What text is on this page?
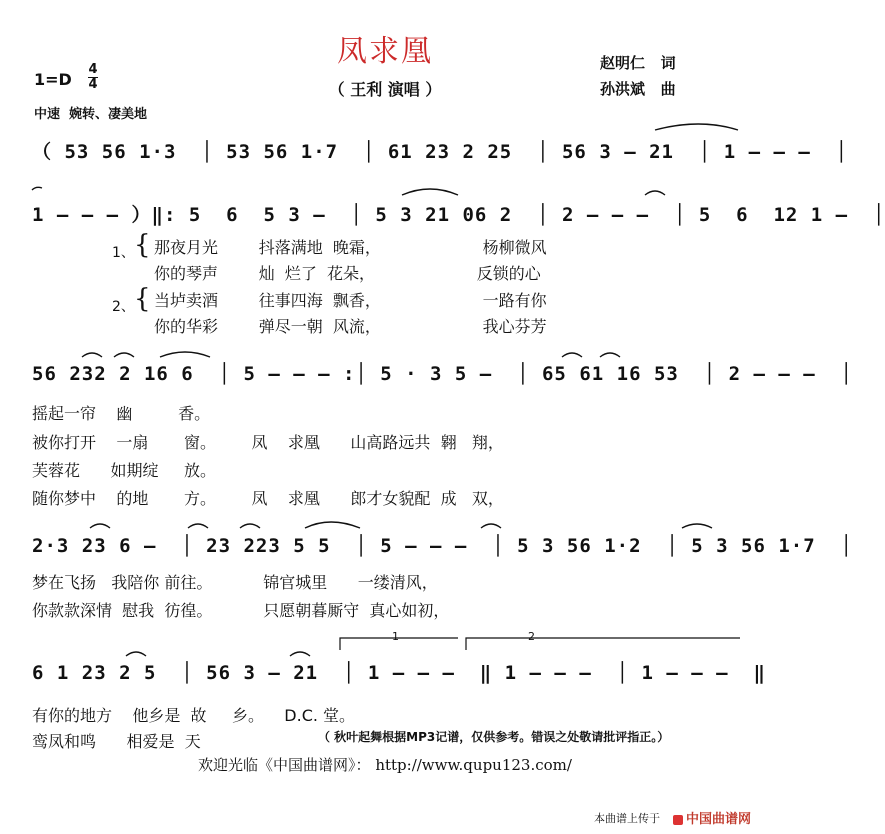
凤求凰
（ 王利 演唱 ）
赵明仁   词
孙洪斌   曲
1=D
4
4
中速  婉转、凄美地
（ 53 56 1·3  │ 53 56 1·7  │ 61 23 2 25  │ 56 3 – 21  │ 1 – – –  │
1 – – – ）‖: 5  6  5 3 –  │ 5 3 21 06 2  │ 2 – – –  │ 5  6  12 1 –  │
1、
2、
{
{
那夜月光        抖落满地  晚霜，                    杨柳微风
你的琴声        灿  烂了  花朵，                    反锁的心
当垆卖酒        往事四海  飘香，                    一路有你
你的华彩        弹尽一朝  风流，                    我心芬芳
56 232 2 16 6  │ 5 – – – :│ 5 · 3 5 –  │ 65 61 16 53  │ 2 – – –  │
摇起一帘    幽         香。
被你打开    一扇       窗。       凤    求凰      山高路远共  翱   翔，
芙蓉花      如期绽     放。
随你梦中    的地       方。       凤    求凰      郎才女貌配  成   双，
2·3 23 6 –  │ 23 223 5 5  │ 5 – – –  │ 5 3 56 1·2  │ 5 3 56 1·7  │
梦在飞扬   我陪你 前往。          锦官城里      一缕清风，
你款款深情  慰我  彷徨。          只愿朝暮厮守  真心如初，
6 1 23 2 5  │ 56 3 – 21  │ 1 – – –  ‖ 1 – – –  │ 1 – – –  ‖
1	2
有你的地方    他乡是  故     乡。    D.C. 堂。
鸾凤和鸣      相爱是  天	（ 秋叶起舞根据MP3记谱，仅供参考。错误之处敬请批评指正。）
欢迎光临《中国曲谱网》： http://www.qupu123.com/
本曲谱上传于	中国曲谱网
